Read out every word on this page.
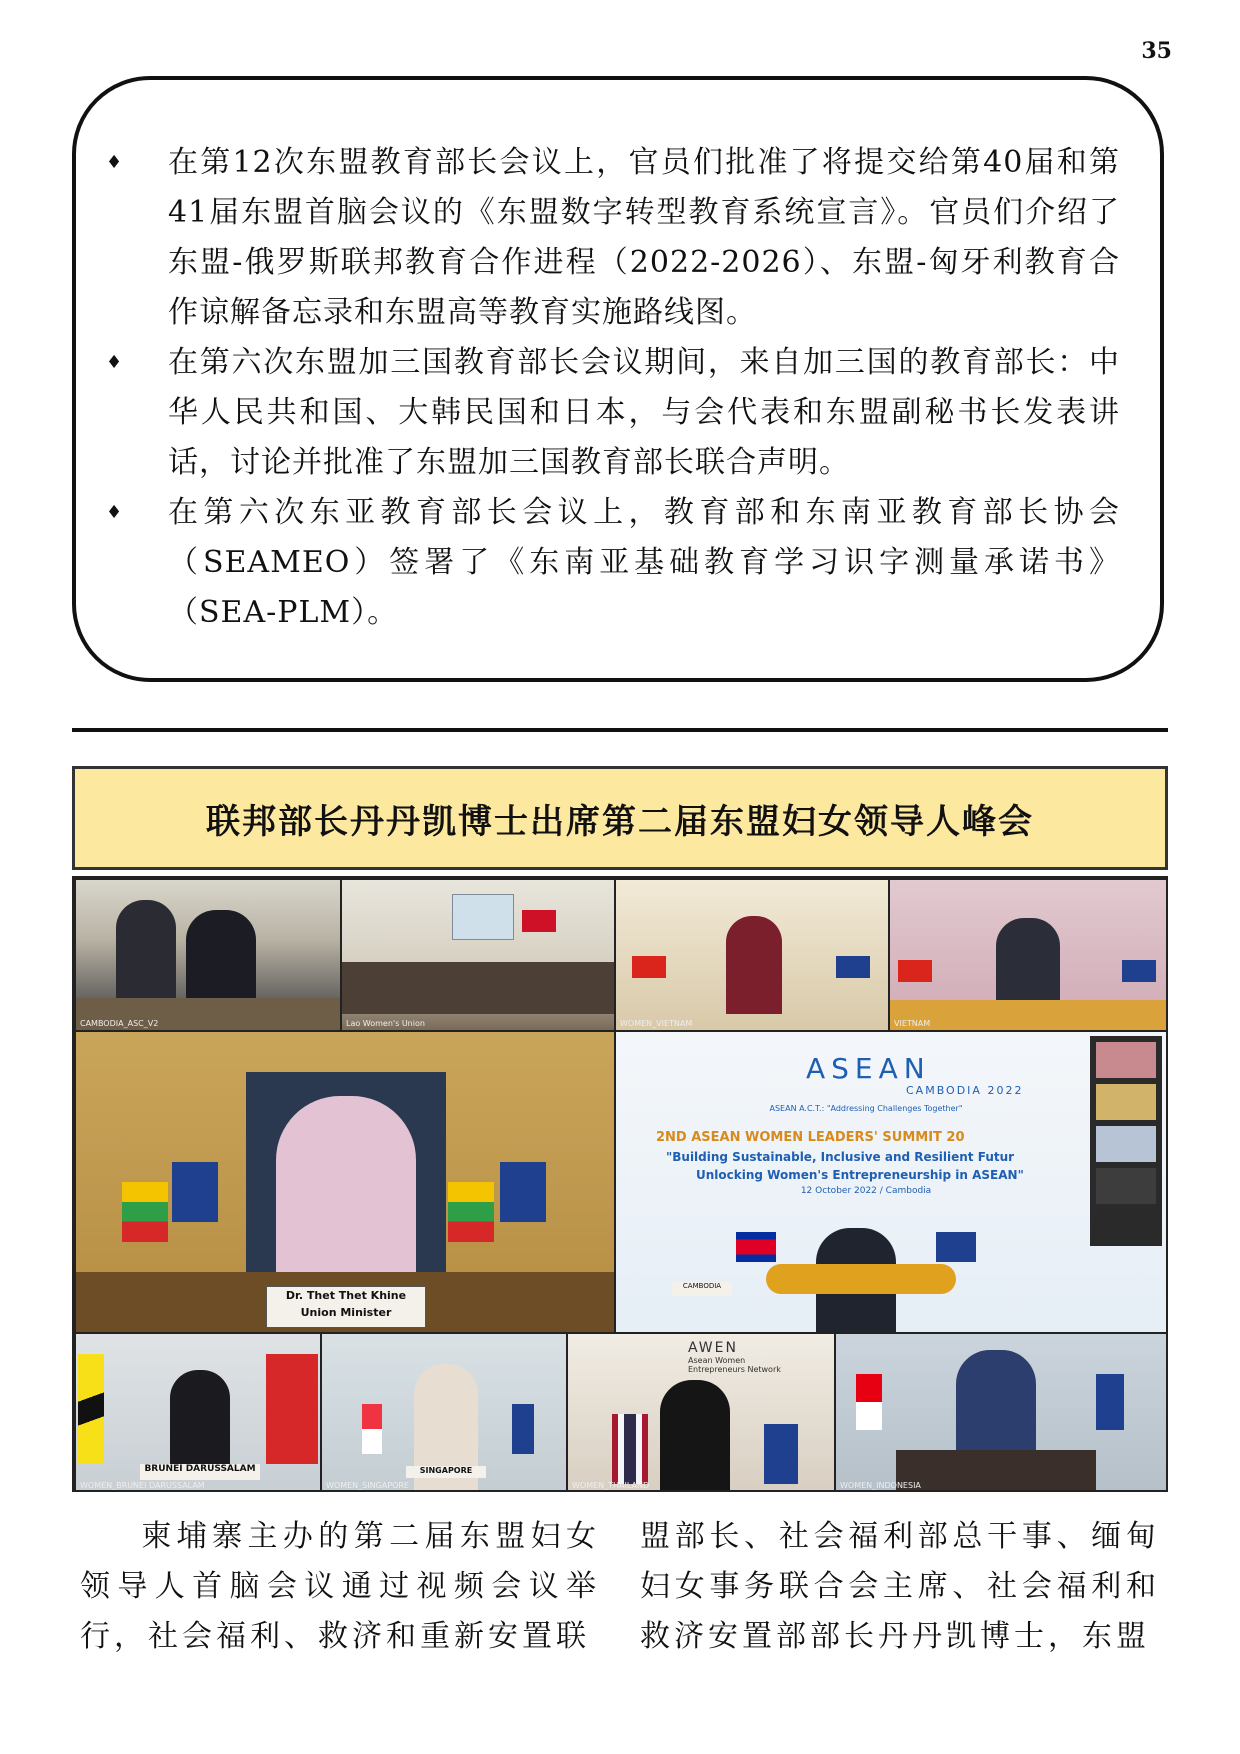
35
♦ 在第12次东盟教育部长会议上，官员们批准了将提交给第40届和第41届东盟首脑会议的《东盟数字转型教育系统宣言》。官员们介绍了东盟-俄罗斯联邦教育合作进程（2022-2026）、东盟-匈牙利教育合作谅解备忘录和东盟高等教育实施路线图。
♦ 在第六次东盟加三国教育部长会议期间，来自加三国的教育部长：中华人民共和国、大韩民国和日本，与会代表和东盟副秘书长发表讲话，讨论并批准了东盟加三国教育部长联合声明。
♦ 在第六次东亚教育部长会议上，教育部和东南亚教育部长协会（SEAMEO）签署了《东南亚基础教育学习识字测量承诺书》（SEA-PLM）。
联邦部长丹丹凯博士出席第二届东盟妇女领导人峰会
CAMBODIA_ASC_V2	Lao Women's Union	WOMEN_VIETNAM	VIETNAM
Dr. Thet Thet Khine
Union Minister
ASEAN
CAMBODIA 2022
ASEAN A.C.T.: "Addressing Challenges Together"
2ND ASEAN WOMEN LEADERS' SUMMIT 20
"Building Sustainable, Inclusive and Resilient Futur
Unlocking Women's Entrepreneurship in ASEAN"
12 October 2022 / Cambodia
CAMBODIA
BRUNEI DARUSSALAM
WOMEN_BRUNEI DARUSSALAM
SINGAPORE
WOMEN_SINGAPORE
AWEN
Asean Women Entrepreneurs Network
WOMEN_THAILAND	WOMEN_INDONESIA
柬埔寨主办的第二届东盟妇女领导人首脑会议通过视频会议举行，社会福利、救济和重新安置联
盟部长、社会福利部总干事、缅甸妇女事务联合会主席、社会福利和救济安置部部长丹丹凯博士，东盟
